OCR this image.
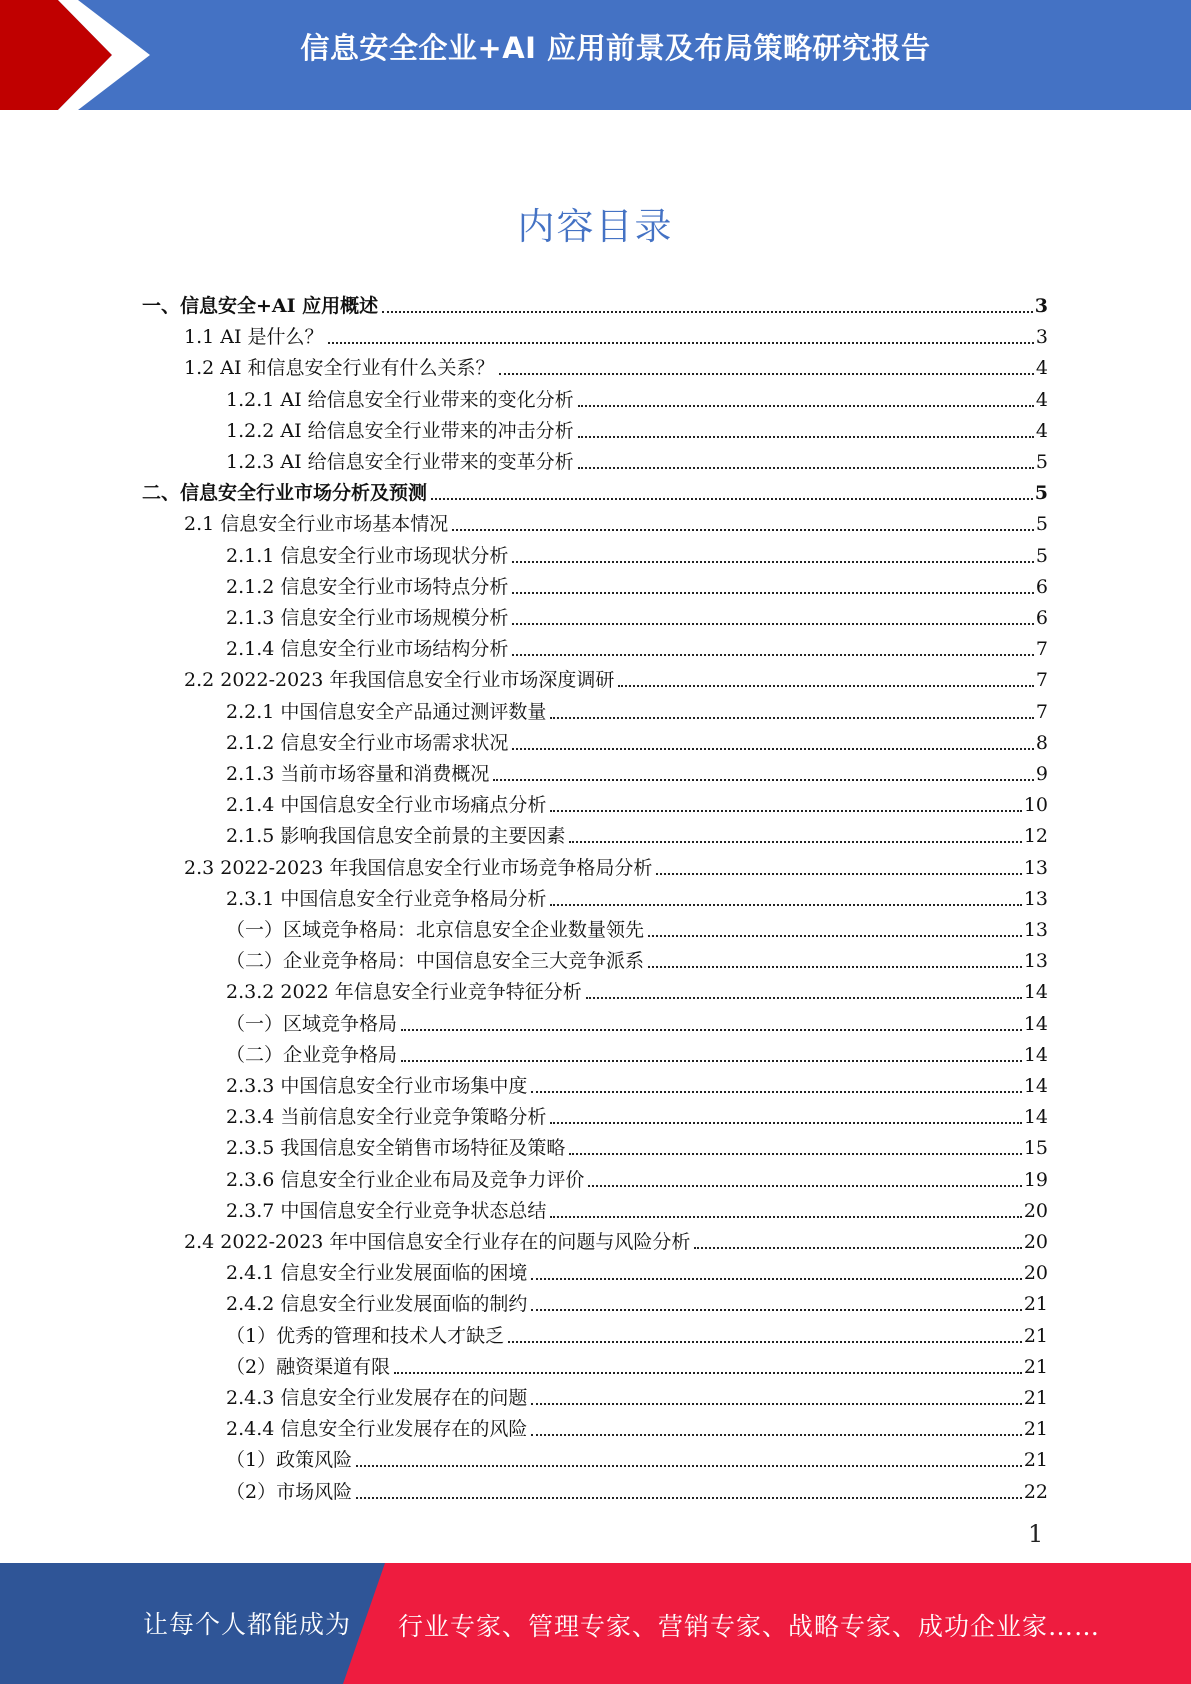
信息安全企业+AI 应用前景及布局策略研究报告
内容目录
一、信息安全+AI 应用概述	3
1.1 AI 是什么？	3
1.2 AI 和信息安全行业有什么关系？	4
1.2.1 AI 给信息安全行业带来的变化分析	4
1.2.2 AI 给信息安全行业带来的冲击分析	4
1.2.3 AI 给信息安全行业带来的变革分析	5
二、信息安全行业市场分析及预测	5
2.1 信息安全行业市场基本情况	5
2.1.1 信息安全行业市场现状分析	5
2.1.2 信息安全行业市场特点分析	6
2.1.3 信息安全行业市场规模分析	6
2.1.4 信息安全行业市场结构分析	7
2.2 2022-2023 年我国信息安全行业市场深度调研	7
2.2.1 中国信息安全产品通过测评数量	7
2.1.2 信息安全行业市场需求状况	8
2.1.3 当前市场容量和消费概况	9
2.1.4 中国信息安全行业市场痛点分析	10
2.1.5 影响我国信息安全前景的主要因素	12
2.3 2022-2023 年我国信息安全行业市场竞争格局分析	13
2.3.1 中国信息安全行业竞争格局分析	13
（一）区域竞争格局：北京信息安全企业数量领先	13
（二）企业竞争格局：中国信息安全三大竞争派系	13
2.3.2 2022 年信息安全行业竞争特征分析	14
（一）区域竞争格局	14
（二）企业竞争格局	14
2.3.3 中国信息安全行业市场集中度	14
2.3.4 当前信息安全行业竞争策略分析	14
2.3.5 我国信息安全销售市场特征及策略	15
2.3.6 信息安全行业企业布局及竞争力评价	19
2.3.7 中国信息安全行业竞争状态总结	20
2.4 2022-2023 年中国信息安全行业存在的问题与风险分析	20
2.4.1 信息安全行业发展面临的困境	20
2.4.2 信息安全行业发展面临的制约	21
（1）优秀的管理和技术人才缺乏	21
（2）融资渠道有限	21
2.4.3 信息安全行业发展存在的问题	21
2.4.4 信息安全行业发展存在的风险	21
（1）政策风险	21
（2）市场风险	22
1
让每个人都能成为 行业专家、管理专家、营销专家、战略专家、成功企业家……
